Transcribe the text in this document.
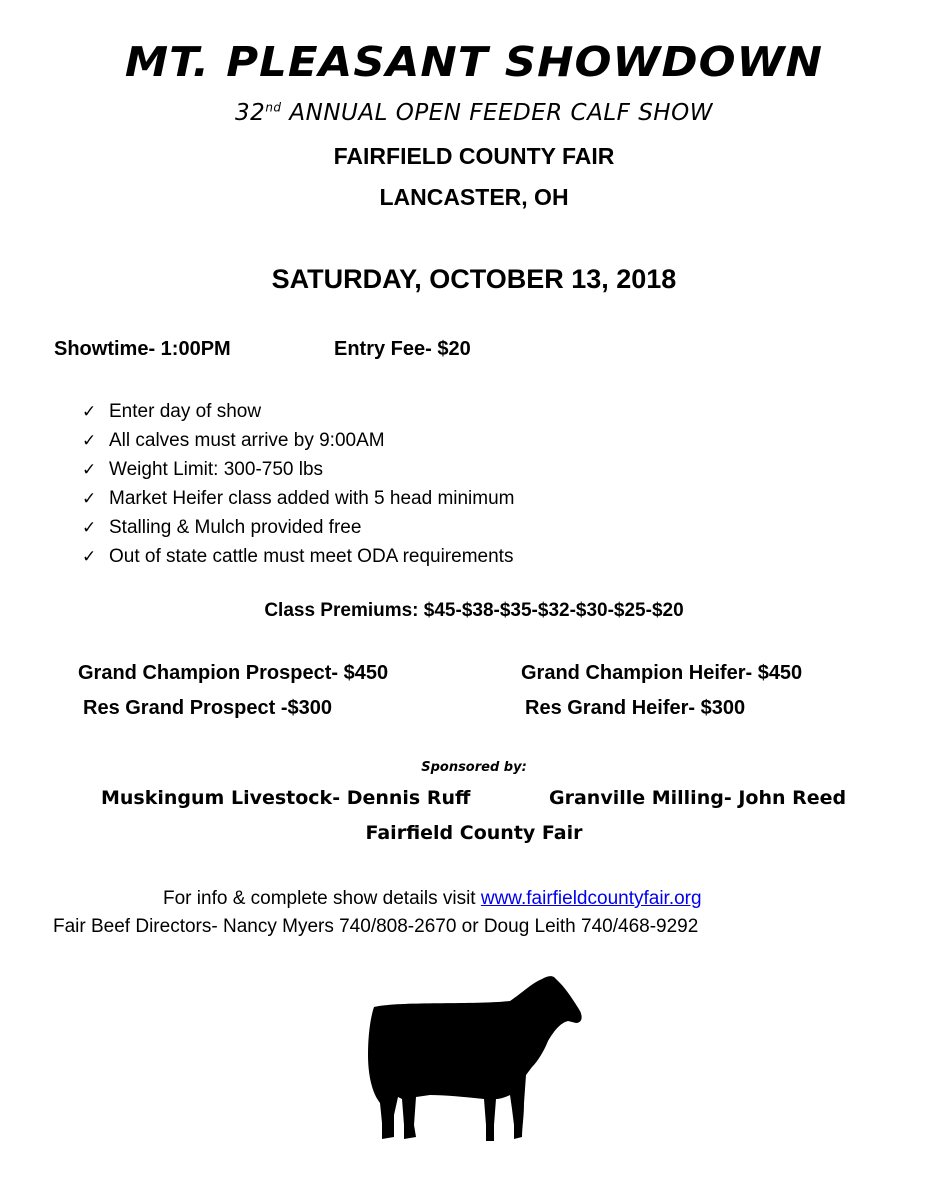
MT. PLEASANT SHOWDOWN
32nd ANNUAL OPEN FEEDER CALF SHOW
FAIRFIELD COUNTY FAIR
LANCASTER, OH
SATURDAY, OCTOBER 13, 2018
Showtime- 1:00PM	Entry Fee- $20
✓ Enter day of show
✓ All calves must arrive by 9:00AM
✓ Weight Limit: 300-750 lbs
✓ Market Heifer class added with 5 head minimum
✓ Stalling & Mulch provided free
✓ Out of state cattle must meet ODA requirements
Class Premiums: $45-$38-$35-$32-$30-$25-$20
Grand Champion Prospect- $450	Grand Champion Heifer- $450
Res Grand Prospect -$300	Res Grand Heifer- $300
Sponsored by:
Muskingum Livestock- Dennis Ruff	Granville Milling- John Reed
Fairfield County Fair
For info & complete show details visit www.fairfieldcountyfair.org
Fair Beef Directors- Nancy Myers 740/808-2670 or Doug Leith 740/468-9292
